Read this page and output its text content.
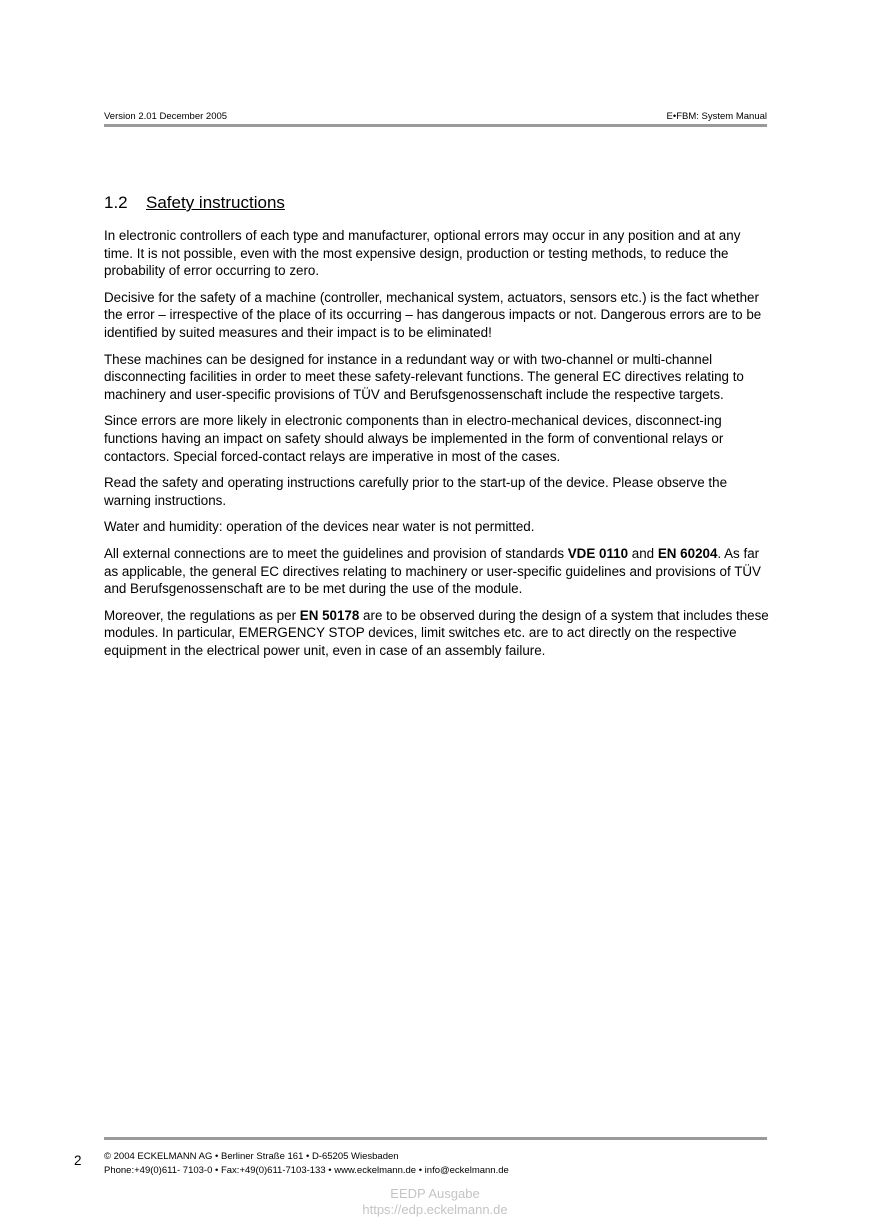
Version 2.01 December 2005	E•FBM: System Manual
1.2 Safety instructions

In electronic controllers of each type and manufacturer, optional errors may occur in any position and at any time. It is not possible, even with the most expensive design, production or testing methods, to reduce the probability of error occurring to zero.

Decisive for the safety of a machine (controller, mechanical system, actuators, sensors etc.) is the fact whether the error – irrespective of the place of its occurring – has dangerous impacts or not. Dangerous errors are to be identified by suited measures and their impact is to be eliminated!

These machines can be designed for instance in a redundant way or with two-channel or multi-channel disconnecting facilities in order to meet these safety-relevant functions. The general EC directives relating to machinery and user-specific provisions of TÜV and Berufsgenossenschaft include the respective targets.

Since errors are more likely in electronic components than in electro-mechanical devices, disconnect-ing functions having an impact on safety should always be implemented in the form of conventional relays or contactors. Special forced-contact relays are imperative in most of the cases.

Read the safety and operating instructions carefully prior to the start-up of the device. Please observe the warning instructions.

Water and humidity: operation of the devices near water is not permitted.

All external connections are to meet the guidelines and provision of standards VDE 0110 and EN 60204. As far as applicable, the general EC directives relating to machinery or user-specific guidelines and provisions of TÜV and Berufsgenossenschaft are to be met during the use of the module.

Moreover, the regulations as per EN 50178 are to be observed during the design of a system that includes these modules. In particular, EMERGENCY STOP devices, limit switches etc. are to act directly on the respective equipment in the electrical power unit, even in case of an assembly failure.

2 © 2004 ECKELMANN AG • Berliner Straße 161 • D-65205 Wiesbaden
Phone:+49(0)611- 7103-0 • Fax:+49(0)611-7103-133 • www.eckelmann.de • info@eckelmann.de
EEDP Ausgabe
https://edp.eckelmann.de
